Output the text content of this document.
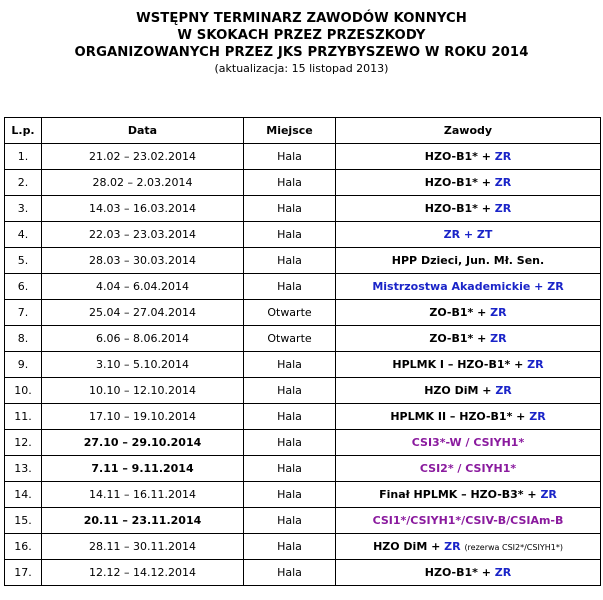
WSTĘPNY TERMINARZ ZAWODÓW KONNYCH
W SKOKACH PRZEZ PRZESZKODY
ORGANIZOWANYCH PRZEZ JKS PRZYBYSZEWO W ROKU 2014
(aktualizacja: 15 listopad 2013)
L.p.	Data	Miejsce	Zawody
1.	21.02 – 23.02.2014	Hala	HZO-B1* + ZR
2.	28.02 – 2.03.2014	Hala	HZO-B1* + ZR
3.	14.03 – 16.03.2014	Hala	HZO-B1* + ZR
4.	22.03 – 23.03.2014	Hala	ZR + ZT
5.	28.03 – 30.03.2014	Hala	HPP Dzieci, Jun. Mł. Sen.
6.	4.04 – 6.04.2014	Hala	Mistrzostwa Akademickie + ZR
7.	25.04 – 27.04.2014	Otwarte	ZO-B1* + ZR
8.	6.06 – 8.06.2014	Otwarte	ZO-B1* + ZR
9.	3.10 – 5.10.2014	Hala	HPLMK I – HZO-B1* + ZR
10.	10.10 – 12.10.2014	Hala	HZO DiM + ZR
11.	17.10 – 19.10.2014	Hala	HPLMK II – HZO-B1* + ZR
12.	27.10 – 29.10.2014	Hala	CSI3*-W / CSIYH1*
13.	7.11 – 9.11.2014	Hala	CSI2* / CSIYH1*
14.	14.11 – 16.11.2014	Hala	Finał HPLMK – HZO-B3* + ZR
15.	20.11 – 23.11.2014	Hala	CSI1*/CSIYH1*/CSIV-B/CSIAm-B
16.	28.11 – 30.11.2014	Hala	HZO DiM + ZR (rezerwa CSI2*/CSIYH1*)
17.	12.12 – 14.12.2014	Hala	HZO-B1* + ZR
